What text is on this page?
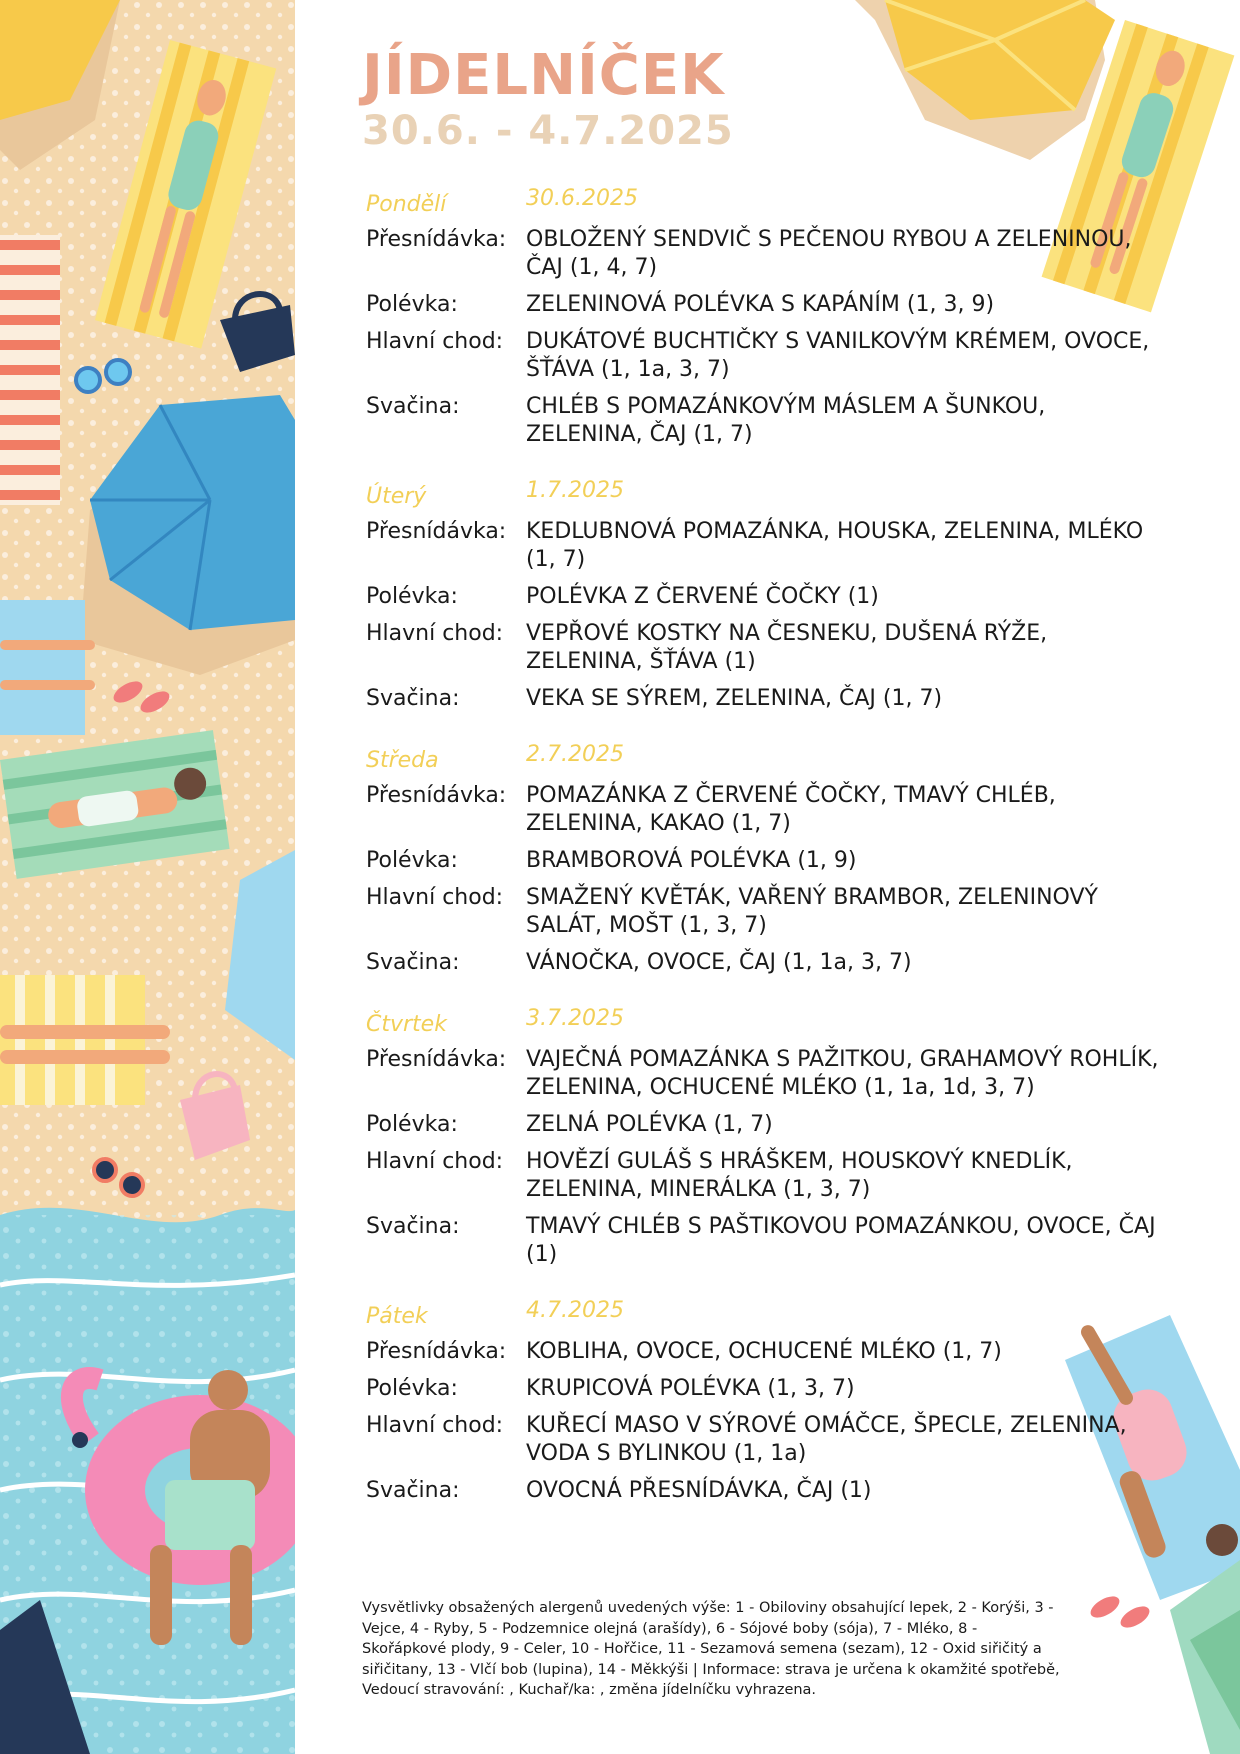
JÍDELNÍČEK
30.6. - 4.7.2025
Pondělí	30.6.2025
Přesnídávka: OBLOŽENÝ SENDVIČ S PEČENOU RYBOU A ZELENINOU, ČAJ (1, 4, 7)
Polévka:	ZELENINOVÁ POLÉVKA S KAPÁNÍM (1, 3, 9)
Hlavní chod:	DUKÁTOVÉ BUCHTIČKY S VANILKOVÝM KRÉMEM, OVOCE, ŠŤÁVA (1, 1a, 3, 7)
Svačina:	CHLÉB S POMAZÁNKOVÝM MÁSLEM A ŠUNKOU, ZELENINA, ČAJ (1, 7)
Úterý	1.7.2025
Přesnídávka: KEDLUBNOVÁ POMAZÁNKA, HOUSKA, ZELENINA, MLÉKO (1, 7)
Polévka:	POLÉVKA Z ČERVENÉ ČOČKY (1)
Hlavní chod:	VEPŘOVÉ KOSTKY NA ČESNEKU, DUŠENÁ RÝŽE, ZELENINA, ŠŤÁVA (1)
Svačina:	VEKA SE SÝREM, ZELENINA, ČAJ (1, 7)
Středa	2.7.2025
Přesnídávka: POMAZÁNKA Z ČERVENÉ ČOČKY, TMAVÝ CHLÉB, ZELENINA, KAKAO (1, 7)
Polévka:	BRAMBOROVÁ POLÉVKA (1, 9)
Hlavní chod:	SMAŽENÝ KVĚTÁK, VAŘENÝ BRAMBOR, ZELENINOVÝ SALÁT, MOŠT (1, 3, 7)
Svačina:	VÁNOČKA, OVOCE, ČAJ (1, 1a, 3, 7)
Čtvrtek	3.7.2025
Přesnídávka: VAJEČNÁ POMAZÁNKA S PAŽITKOU, GRAHAMOVÝ ROHLÍK, ZELENINA, OCHUCENÉ MLÉKO (1, 1a, 1d, 3, 7)
Polévka:	ZELNÁ POLÉVKA (1, 7)
Hlavní chod:	HOVĚZÍ GULÁŠ S HRÁŠKEM, HOUSKOVÝ KNEDLÍK, ZELENINA, MINERÁLKA (1, 3, 7)
Svačina:	TMAVÝ CHLÉB S PAŠTIKOVOU POMAZÁNKOU, OVOCE, ČAJ (1)
Pátek	4.7.2025
Přesnídávka: KOBLIHA, OVOCE, OCHUCENÉ MLÉKO (1, 7)
Polévka:	KRUPICOVÁ POLÉVKA (1, 3, 7)
Hlavní chod:	KUŘECÍ MASO V SÝROVÉ OMÁČCE, ŠPECLE, ZELENINA, VODA S BYLINKOU (1, 1a)
Svačina:	OVOCNÁ PŘESNÍDÁVKA, ČAJ (1)

Vysvětlivky obsažených alergenů uvedených výše: 1 - Obiloviny obsahující lepek, 2 - Korýši, 3 - Vejce, 4 - Ryby, 5 - Podzemnice olejná (arašídy), 6 - Sójové boby (sója), 7 - Mléko, 8 - Skořápkové plody, 9 - Celer, 10 - Hořčice, 11 - Sezamová semena (sezam), 12 - Oxid siřičitý a siřičitany, 13 - Vlčí bob (lupina), 14 - Měkkýši | Informace: strava je určena k okamžité spotřebě, Vedoucí stravování: , Kuchař/ka: , změna jídelníčku vyhrazena.
